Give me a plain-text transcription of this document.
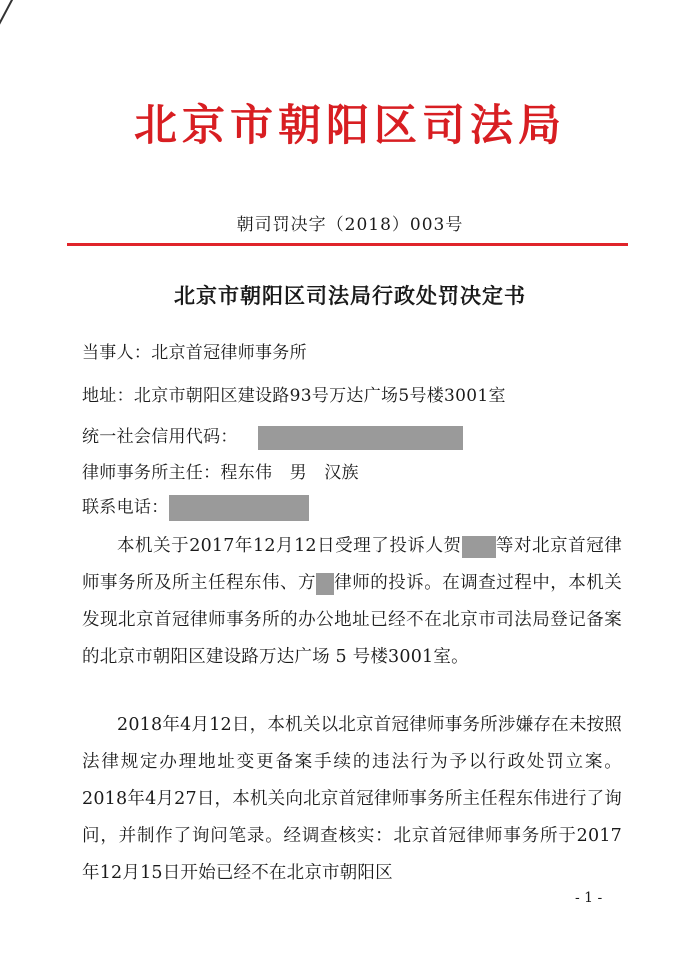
北京市朝阳区司法局
朝司罚决字（2018）003号
北京市朝阳区司法局行政处罚决定书
当事人：北京首冠律师事务所
地址：北京市朝阳区建设路93号万达广场5号楼3001室
统一社会信用代码：
律师事务所主任：程东伟　男　汉族
联系电话：

本机关于2017年12月12日受理了投诉人贺 等对北京首冠律师事务所及所主任程东伟、方 律师的投诉。在调查过程中，本机关发现北京首冠律师事务所的办公地址已经不在北京市司法局登记备案的北京市朝阳区建设路万达广场 5 号楼3001室。

2018年4月12日，本机关以北京首冠律师事务所涉嫌存在未按照法律规定办理地址变更备案手续的违法行为予以行政处罚立案。2018年4月27日，本机关向北京首冠律师事务所主任程东伟进行了询问，并制作了询问笔录。经调查核实：北京首冠律师事务所于2017年12月15日开始已经不在北京市朝阳区

- 1 -
